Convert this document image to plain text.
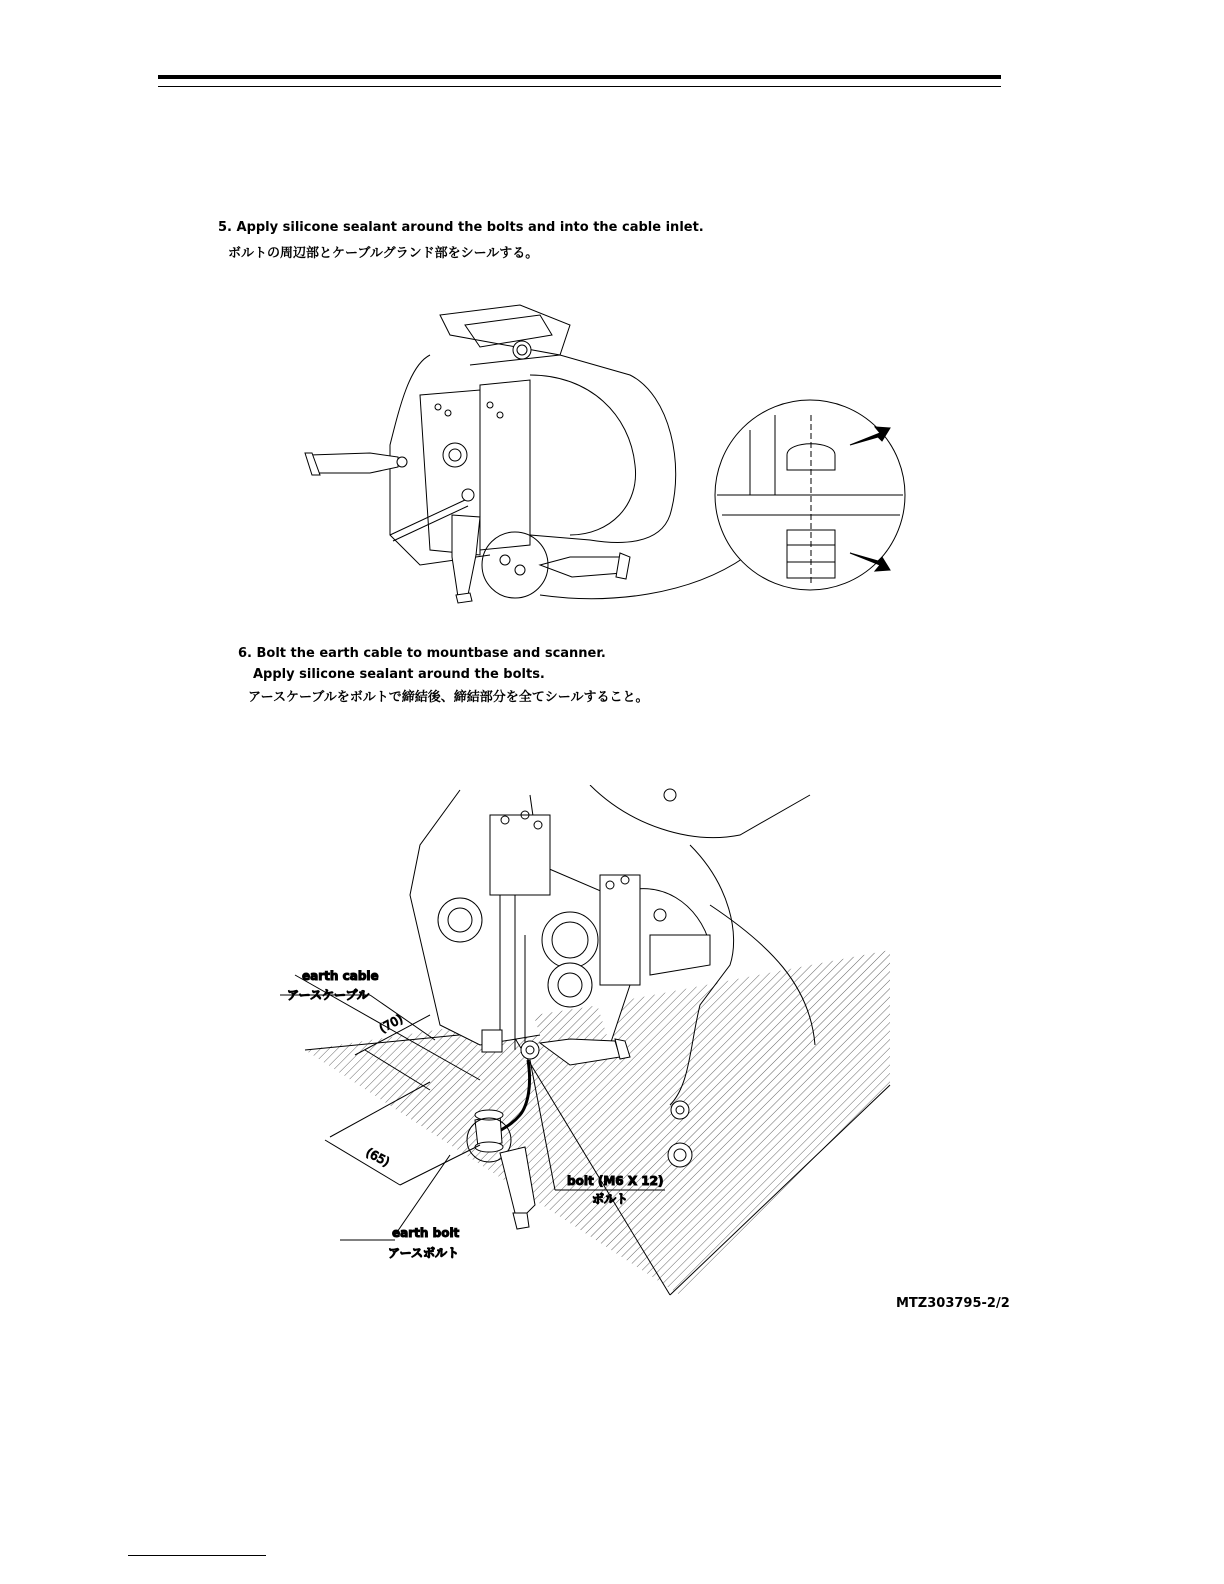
5. Apply silicone sealant around the bolts and into the cable inlet.
ボルトの周辺部とケーブルグランド部をシールする。
6. Bolt the earth cable to mountbase and scanner.
Apply silicone sealant around the bolts.
アースケーブルをボルトで締結後、締結部分を全てシールすること。
earth cable
アースケーブル
(70)
(65)
bolt (M6 X 12)
ボルト
earth bolt
アースボルト
MTZ303795-2/2
